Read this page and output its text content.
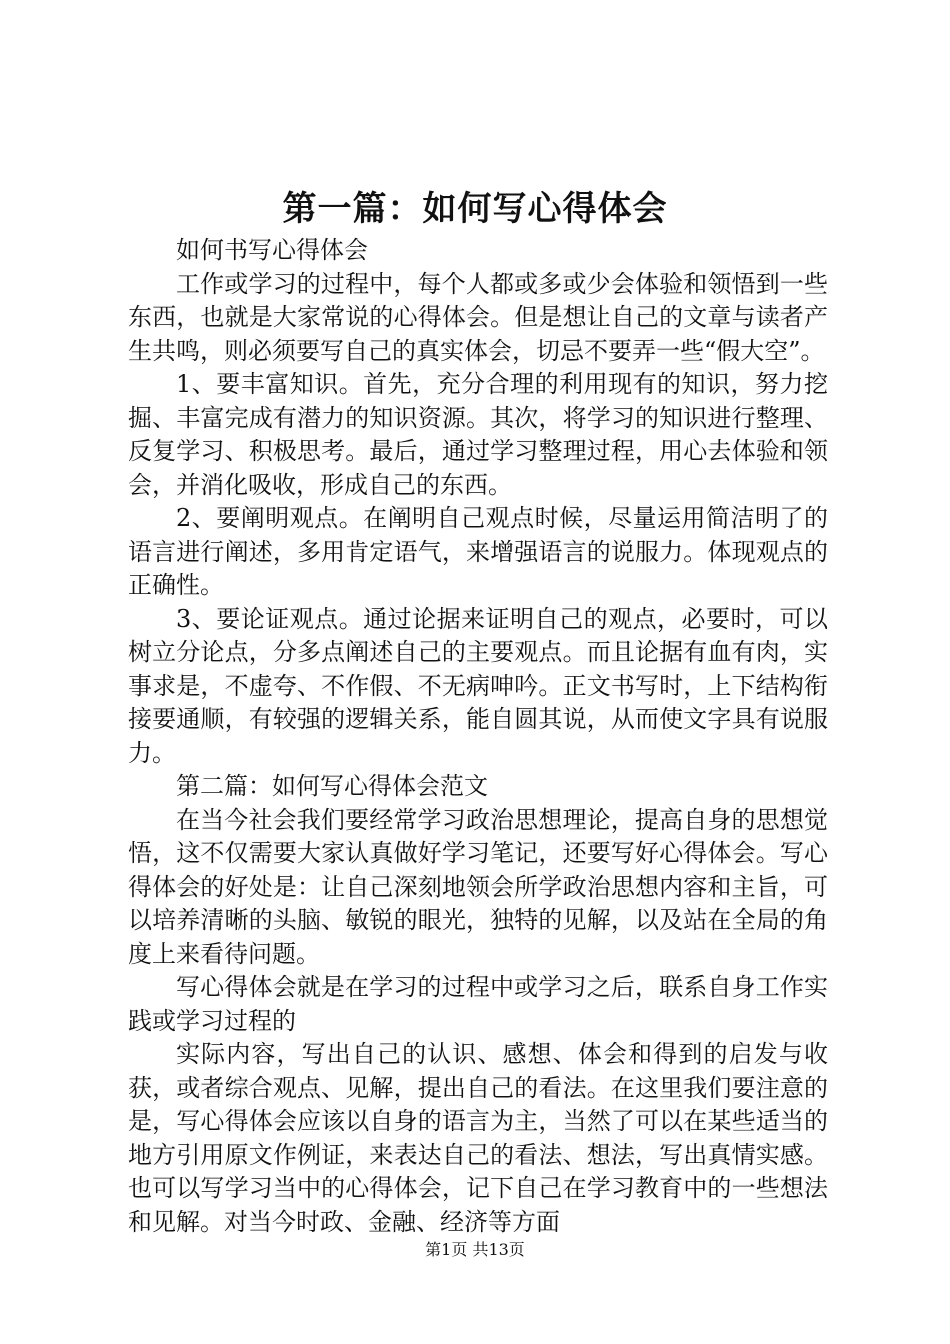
第一篇：如何写心得体会

如何书写心得体会

工作或学习的过程中，每个人都或多或少会体验和领悟到一些东西，也就是大家常说的心得体会。但是想让自己的文章与读者产生共鸣，则必须要写自己的真实体会，切忌不要弄一些“假大空”。

1、要丰富知识。首先，充分合理的利用现有的知识，努力挖掘、丰富完成有潜力的知识资源。其次，将学习的知识进行整理、反复学习、积极思考。最后，通过学习整理过程，用心去体验和领会，并消化吸收，形成自己的东西。

2、要阐明观点。在阐明自己观点时候，尽量运用简洁明了的语言进行阐述，多用肯定语气，来增强语言的说服力。体现观点的正确性。

3、要论证观点。通过论据来证明自己的观点，必要时，可以树立分论点，分多点阐述自己的主要观点。而且论据有血有肉，实事求是，不虚夸、不作假、不无病呻吟。正文书写时，上下结构衔接要通顺，有较强的逻辑关系，能自圆其说，从而使文字具有说服力。

第二篇：如何写心得体会范文

在当今社会我们要经常学习政治思想理论，提高自身的思想觉悟，这不仅需要大家认真做好学习笔记，还要写好心得体会。写心得体会的好处是：让自己深刻地领会所学政治思想内容和主旨，可以培养清晰的头脑、敏锐的眼光，独特的见解，以及站在全局的角度上来看待问题。

写心得体会就是在学习的过程中或学习之后，联系自身工作实践或学习过程的

实际内容，写出自己的认识、感想、体会和得到的启发与收获，或者综合观点、见解，提出自己的看法。在这里我们要注意的是，写心得体会应该以自身的语言为主，当然了可以在某些适当的地方引用原文作例证，来表达自己的看法、想法，写出真情实感。也可以写学习当中的心得体会，记下自己在学习教育中的一些想法和见解。对当今时政、金融、经济等方面

第1页 共13页
